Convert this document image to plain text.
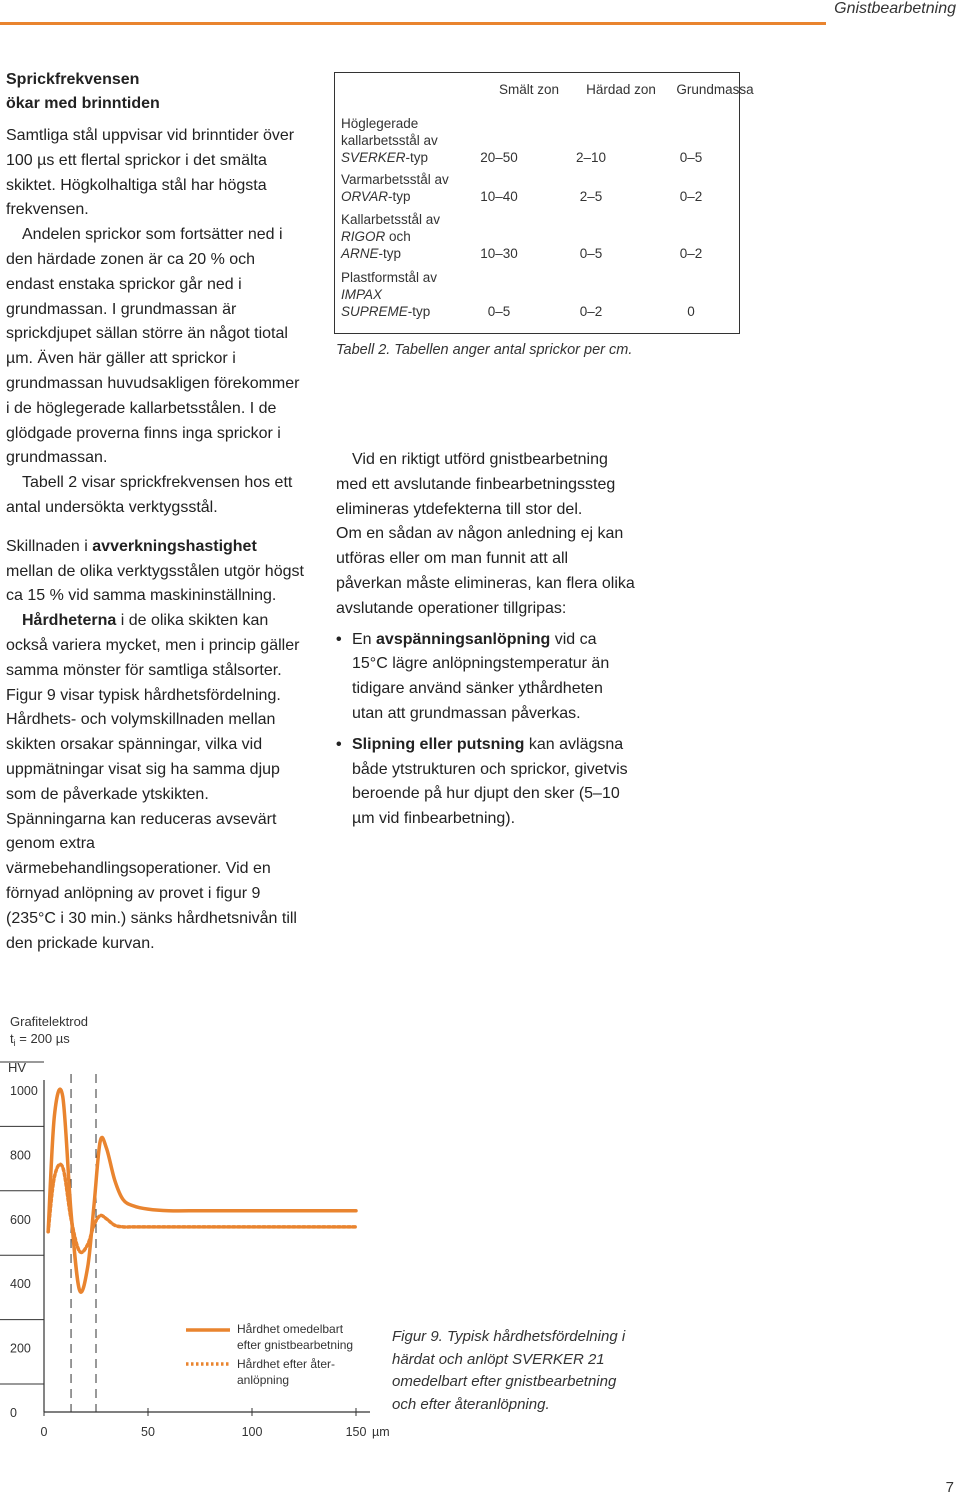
Gnistbearbetning
Sprickfrekvensen
ökar med brinntiden

Samtliga stål uppvisar vid brinntider över 100 µs ett flertal sprickor i det smälta skiktet. Högkolhaltiga stål har högsta frekvensen.

Andelen sprickor som fortsätter ned i den härdade zonen är ca 20 % och endast enstaka sprickor går ned i grundmassan. I grundmassan är sprickdjupet sällan större än något tiotal µm. Även här gäller att sprickor i grundmassan huvudsakligen förekommer i de höglegerade kallarbetsstålen. I de glödgade proverna finns inga sprickor i grundmassan.

Tabell 2 visar sprickfrekvensen hos ett antal undersökta verktygsstål.

Skillnaden i avverkningshastighet mellan de olika verktygsstålen utgör högst ca 15 % vid samma maskininställning.

Hårdheterna i de olika skikten kan också variera mycket, men i princip gäller samma mönster för samtliga stålsorter. Figur 9 visar typisk hårdhetsfördelning. Hårdhets- och volymskillnaden mellan skikten orsakar spänningar, vilka vid uppmätningar visat sig ha samma djup som de påverkade ytskikten. Spänningarna kan reduceras avsevärt genom extra värmebehandlingsoperationer. Vid en förnyad anlöpning av provet i figur 9 (235°C i 30 min.) sänks hårdhetsnivån till den prickade kurvan.

Smält zon	Härdad zon	Grundmassa
Höglegerade
kallarbetsstål av
SVERKER-typ	20–50	2–10	0–5
Varmarbetsstål av
ORVAR-typ	10–40	2–5	0–2
Kallarbetsstål av
RIGOR och
ARNE-typ	10–30	0–5	0–2
Plastformstål av
IMPAX
SUPREME-typ	0–5	0–2	0
Tabell 2. Tabellen anger antal sprickor per cm.

Vid en riktigt utförd gnistbearbetning med ett avslutande finbearbetningssteg elimineras ytdefekterna till stor del.

Om en sådan av någon anledning ej kan utföras eller om man funnit att all påverkan måste elimineras, kan flera olika avslutande operationer tillgripas:

• En avspänningsanlöpning vid ca 15°C lägre anlöpningstemperatur än tidigare använd sänker ythårdheten utan att grundmassan påverkas.
• Slipning eller putsning kan avlägsna både ytstrukturen och sprickor, givetvis beroende på hur djupt den sker (5–10 µm vid finbearbetning).
Grafitelektrod
$t_i = 200$ µs
HV
1000
800
600
400
200
0
0	50	100	150 µm
Hårdhet omedelbart
efter gnistbearbetning
Hårdhet efter åter-
anlöpning
Figur 9. Typisk hårdhetsfördelning i härdat och anlöpt SVERKER 21 omedelbart efter gnistbearbetning och efter återanlöpning.
7
